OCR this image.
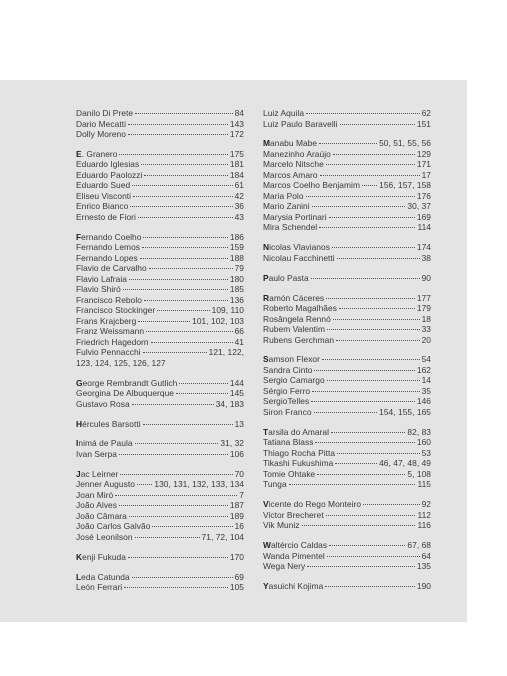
Danilo Di Prete	84
Dario Mecatti	143
Dolly Moreno	172
E. Granero	175
Eduardo Iglesias	181
Eduardo Paolozzi	184
Eduardo Sued	61
Eliseu Visconti	42
Enrico Bianco	36
Ernesto de Fiori	43
Fernando Coelho	186
Fernando Lemos	159
Fernando Lopes	188
Flavio de Carvalho	79
Flavio Lafraia	180
Flavio Shiró	185
Francisco Rebolo	136
Francisco Stockinger	109, 110
Frans Krajcberg	101, 102, 103
Franz Weissmann	66
Friedrich Hagedorn	41
Fulvio Pennacchi	121, 122,
123, 124, 125, 126, 127
George Rembrandt Gutlich	144
Georgina De Albuquerque	145
Gustavo Rosa	34, 183
Hércules Barsotti	13
Inimá de Paula	31, 32
Ivan Serpa	106
Jac Leirner	70
Jenner Augusto 130, 131, 132, 133, 134
Joan Miró	7
João Alves	187
João Câmara	189
João Carlos Galvão	16
José Leonilson	71, 72, 104
Kenji Fukuda	170
Leda Catunda	69
León Ferrari	105
Luiz Aquila	62
Luiz Paulo Baravelli	151
Manabu Mabe	50, 51, 55, 56
Manezinho Araújo	129
Marcelo Nitsche	171
Marcos Amaro	17
Marcos Coelho Benjamim 156, 157, 158
Maria Polo	176
Mario Zanini	30, 37
Marysia Portinari	169
Mira Schendel	114
Nicolas Vlavianos	174
Nicolau Facchinetti	38
Paulo Pasta	90
Ramón Cáceres	177
Roberto Magalhães	179
Rosângela Rennó	18
Rubem Valentim	33
Rubens Gerchman	20
Samson Flexor	54
Sandra Cinto	162
Sergio Camargo	14
Sérgio Ferro	35
SergioTelles	146
Siron Franco	154, 155, 165
Tarsila do Amaral	82, 83
Tatiana Blass	160
Thiago Rocha Pitta	53
Tikashi Fukushima	46, 47, 48, 49
Tomie Ohtake	5, 108
Tunga	115
Vicente do Rego Monteiro	92
Victor Brecheret	112
Vik Muniz	116
Waltércio Caldas	67, 68
Wanda Pimentel	64
Wega Nery	135
Yasuichi Kojima	190
